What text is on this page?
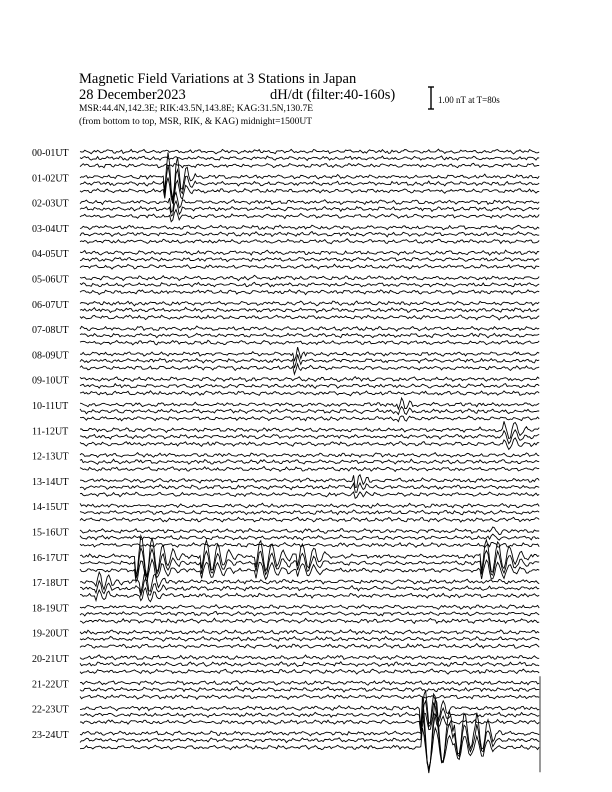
Magnetic Field Variations at 3 Stations in Japan
28 December2023	dH/dt (filter:40-160s)
MSR:44.4N,142.3E; RIK:43.5N,143.8E; KAG:31.5N,130.7E
(from bottom to top, MSR, RIK, & KAG) midnight=1500UT
1.00 nT at T=80s
00-01UT
01-02UT
02-03UT
03-04UT
04-05UT
05-06UT
06-07UT
07-08UT
08-09UT
09-10UT
10-11UT
11-12UT
12-13UT
13-14UT
14-15UT
15-16UT
16-17UT
17-18UT
18-19UT
19-20UT
20-21UT
21-22UT
22-23UT
23-24UT
